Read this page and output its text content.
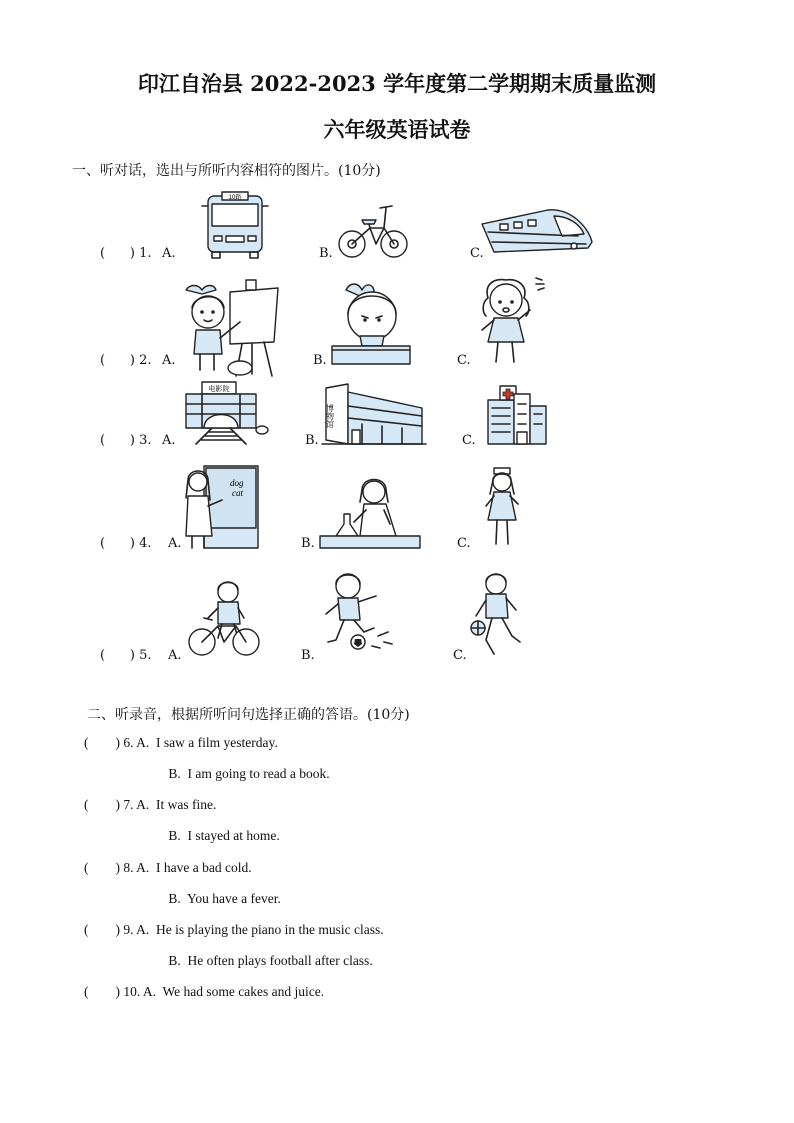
印江自治县 2022-2023 学年度第二学期期末质量监测
六年级英语试卷
一、听对话，选出与所听内容相符的图片。(10分)
(      ) 1. A.	B.	C.
(      ) 2. A.	B.	C.
(      ) 3. A.	B.	C.
(      ) 4. A.	B.	C.
(      ) 5. A.	B.	C.
10路
电影院
博物馆
dog
cat
二、听录音，根据所听问句选择正确的答语。(10分)
(        ) 6. A.  I saw a film yesterday.
B.  I am going to read a book.
(        ) 7. A.  It was fine.
B.  I stayed at home.
(        ) 8. A.  I have a bad cold.
B.  You have a fever.
(        ) 9. A.  He is playing the piano in the music class.
B.  He often plays football after class.
(        ) 10. A.  We had some cakes and juice.
